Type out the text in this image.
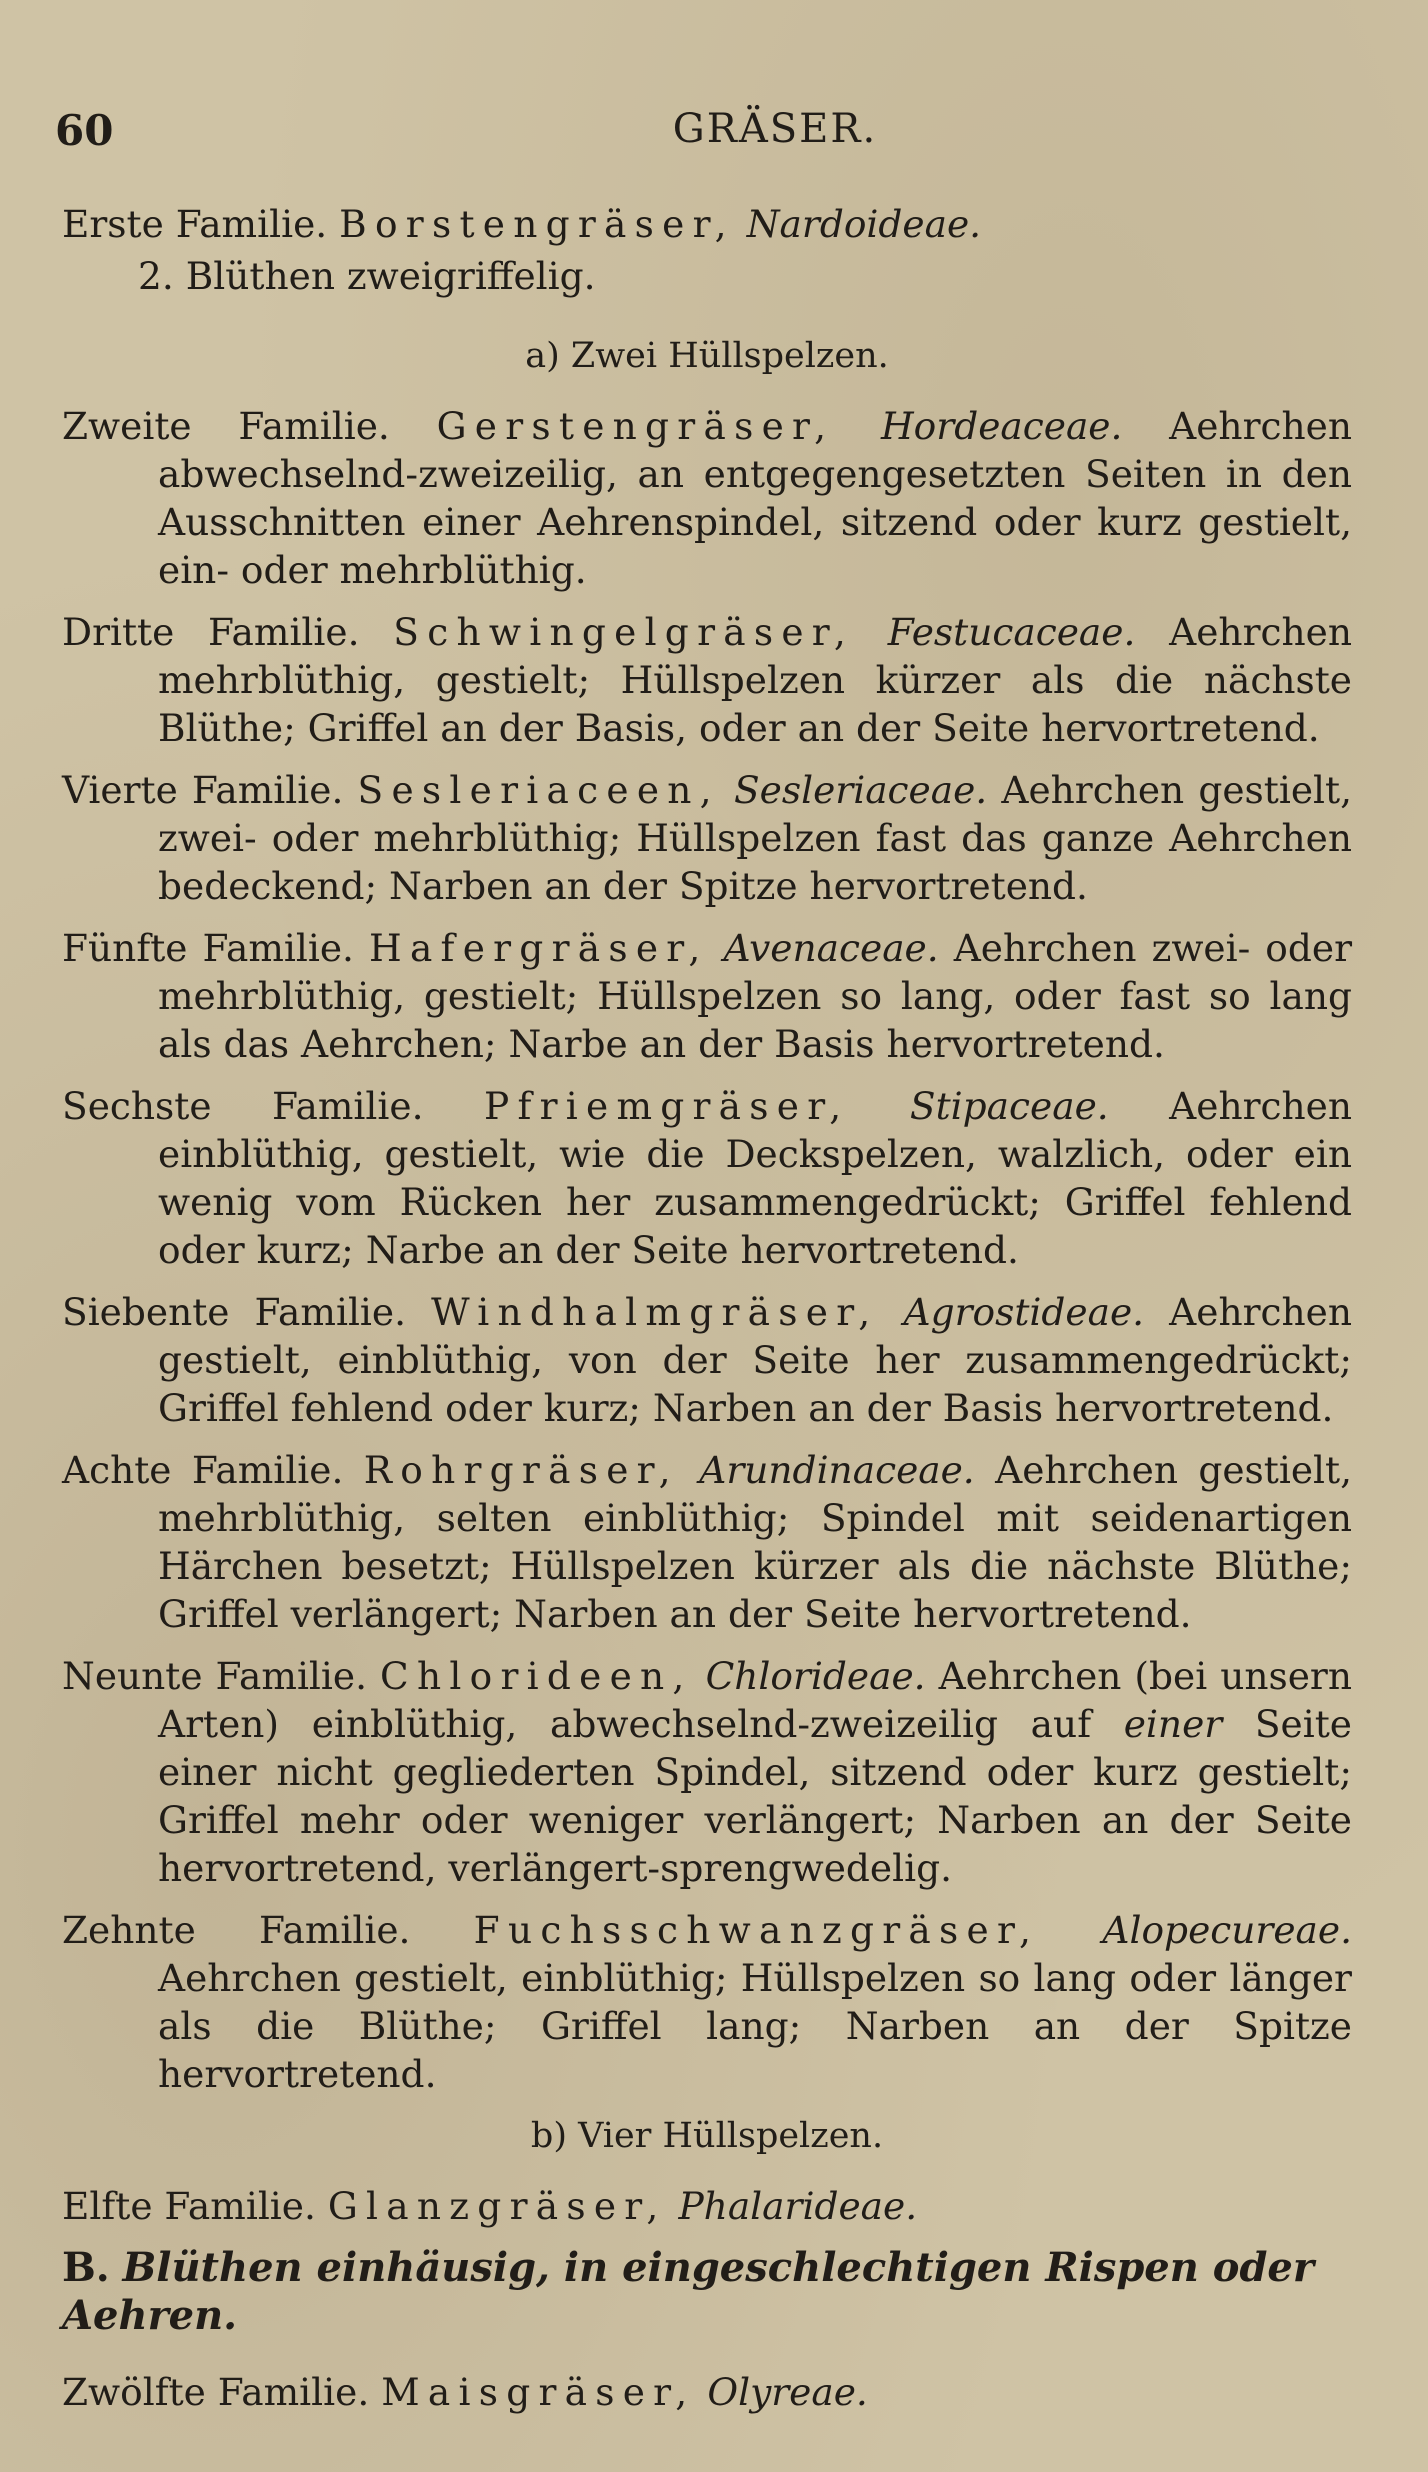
60	GRÄSER.

Erste Familie. Borstengräser, Nardoideae.

2. Blüthen zweigriffelig.

a) Zwei Hüllspelzen.

Zweite Familie. Gerstengräser, Hordeaceae. Aehrchen abwechselnd-zweizeilig, an entgegengesetzten Seiten in den Ausschnitten einer Aehrenspindel, sitzend oder kurz gestielt, ein- oder mehrblüthig.

Dritte Familie. Schwingelgräser, Festucaceae. Aehrchen mehrblüthig, gestielt; Hüllspelzen kürzer als die nächste Blüthe; Griffel an der Basis, oder an der Seite hervortretend.

Vierte Familie. Sesleriaceen, Sesleriaceae. Aehrchen gestielt, zwei- oder mehrblüthig; Hüllspelzen fast das ganze Aehrchen bedeckend; Narben an der Spitze hervortretend.

Fünfte Familie. Hafergräser, Avenaceae. Aehrchen zwei- oder mehrblüthig, gestielt; Hüllspelzen so lang, oder fast so lang als das Aehrchen; Narbe an der Basis hervortretend.

Sechste Familie. Pfriemgräser, Stipaceae. Aehrchen einblüthig, gestielt, wie die Deckspelzen, walzlich, oder ein wenig vom Rücken her zusammengedrückt; Griffel fehlend oder kurz; Narbe an der Seite hervortretend.

Siebente Familie. Windhalmgräser, Agrostideae. Aehrchen gestielt, einblüthig, von der Seite her zusammengedrückt; Griffel fehlend oder kurz; Narben an der Basis hervortretend.

Achte Familie. Rohrgräser, Arundinaceae. Aehrchen gestielt, mehrblüthig, selten einblüthig; Spindel mit seidenartigen Härchen besetzt; Hüllspelzen kürzer als die nächste Blüthe; Griffel verlängert; Narben an der Seite hervortretend.

Neunte Familie. Chlorideen, Chlorideae. Aehrchen (bei unsern Arten) einblüthig, abwechselnd-zweizeilig auf einer Seite einer nicht gegliederten Spindel, sitzend oder kurz gestielt; Griffel mehr oder weniger verlängert; Narben an der Seite hervortretend, verlängert-sprengwedelig.

Zehnte Familie. Fuchsschwanzgräser, Alopecureae. Aehrchen gestielt, einblüthig; Hüllspelzen so lang oder länger als die Blüthe; Griffel lang; Narben an der Spitze hervortretend.

b) Vier Hüllspelzen.

Elfte Familie. Glanzgräser, Phalarideae.

B. Blüthen einhäusig, in eingeschlechtigen Rispen oder Aehren.

Zwölfte Familie. Maisgräser, Olyreae.
